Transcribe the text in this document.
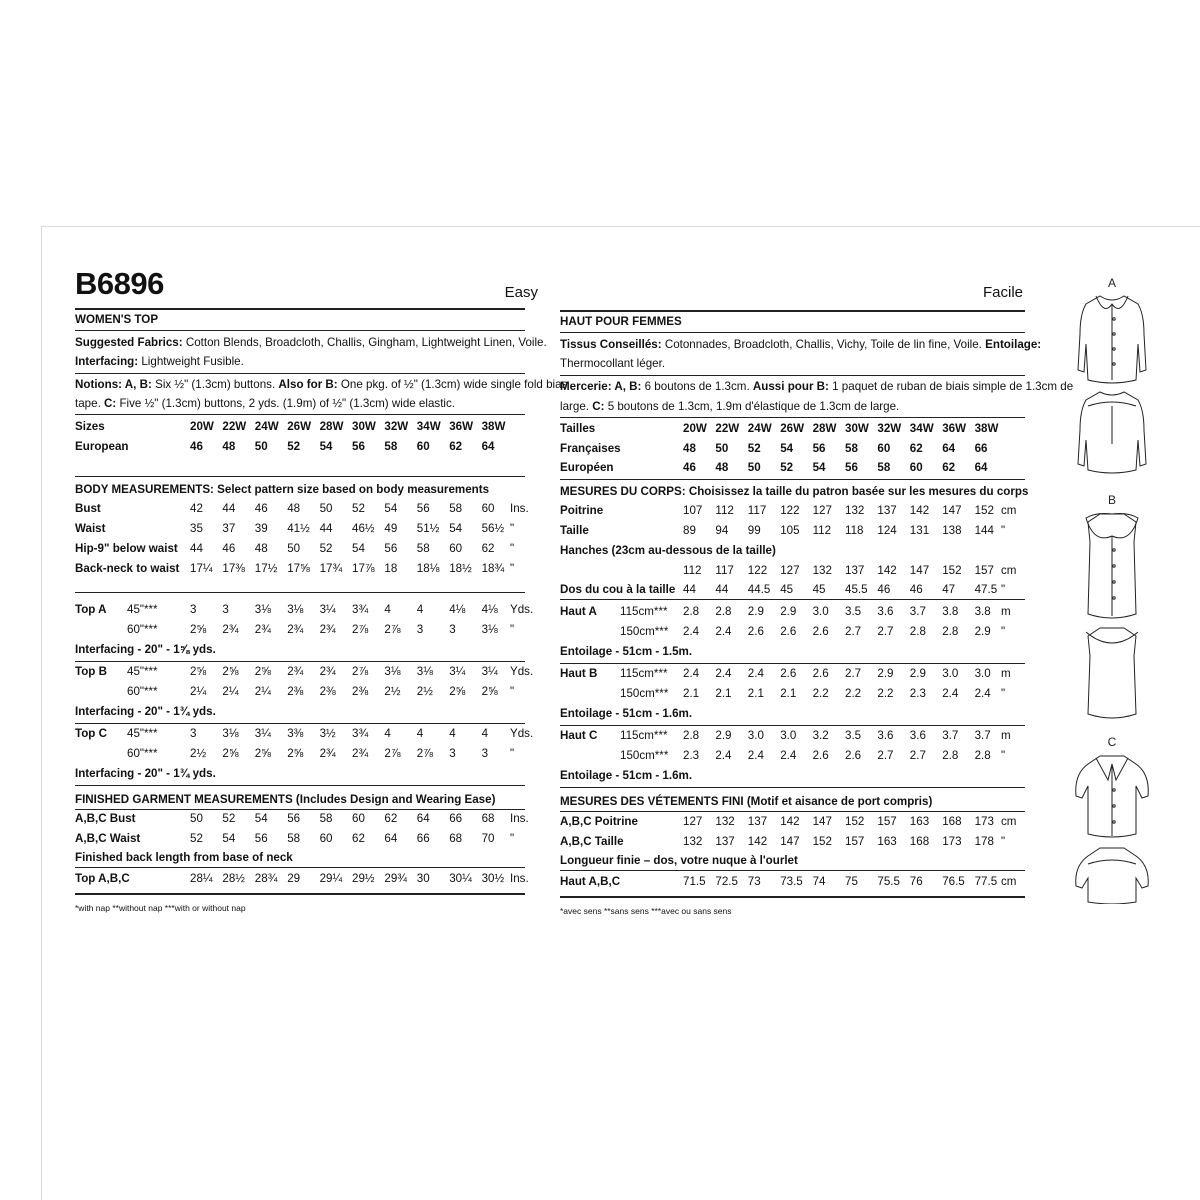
B6896	Easy	Facile
WOMEN'S TOP
Suggested Fabrics: Cotton Blends, Broadcloth, Challis, Gingham, Lightweight Linen, Voile.
Interfacing: Lightweight Fusible.
Notions: A, B: Six ½" (1.3cm) buttons. Also for B: One pkg. of ½" (1.3cm) wide single fold bias
tape. C: Five ½" (1.3cm) buttons, 2 yds. (1.9m) of ½" (1.3cm) wide elastic.
Sizes	20W 22W 24W 26W 28W 30W 32W 34W 36W 38W
European	46 48 50 52 54 56 58 60 62 64
BODY MEASUREMENTS: Select pattern size based on body measurements
Bust	42 44 46 48 50 52 54 56 58 60 Ins.
Waist	35 37 39 41½ 44 46½ 49 51½ 54 56½ "
Hip-9" below waist 44 46 48 50 52 54 56 58 60 62 "
Back-neck to waist 17¼ 17⅜ 17½ 17⅝ 17¾ 17⅞ 18 18⅛ 18½ 18¾ "
Top A 45"***	3 3 3⅛ 3⅛ 3¼ 3¾ 4 4 4⅛ 4⅛ Yds.
60"***	2⅝ 2¾ 2¾ 2¾ 2¾ 2⅞ 2⅞ 3 3 3⅛ "
Interfacing - 20" - 1⅝ yds.
Top B 45"***	2⅝ 2⅝ 2⅝ 2¾ 2¾ 2⅞ 3⅛ 3⅛ 3¼ 3¼ Yds.
60"***	2¼ 2¼ 2¼ 2⅜ 2⅜ 2⅜ 2½ 2½ 2⅝ 2⅝ "
Interfacing - 20" - 1¾ yds.
Top C 45"***	3 3⅛ 3¼ 3⅜ 3½ 3¾ 4 4 4 4 Yds.
60"***	2½ 2⅝ 2⅝ 2⅝ 2¾ 2¾ 2⅞ 2⅞ 3 3 "
Interfacing - 20" - 1¾ yds.
FINISHED GARMENT MEASUREMENTS (Includes Design and Wearing Ease)
A,B,C Bust	50 52 54 56 58 60 62 64 66 68 Ins.
A,B,C Waist	52 54 56 58 60 62 64 66 68 70 "
Finished back length from base of neck
Top A,B,C	28¼ 28½ 28¾ 29 29¼ 29½ 29¾ 30 30¼ 30½ Ins.
HAUT POUR FEMMES
Tissus Conseillés: Cotonnades, Broadcloth, Challis, Vichy, Toile de lin fine, Voile. Entoilage:
Thermocollant léger.
Mercerie: A, B: 6 boutons de 1.3cm. Aussi pour B: 1 paquet de ruban de biais simple de 1.3cm de
large. C: 5 boutons de 1.3cm, 1.9m d'élastique de 1.3cm de large.
Tailles	20W 22W 24W 26W 28W 30W 32W 34W 36W 38W
Françaises	48 50 52 54 56 58 60 62 64 66
Européen	46 48 50 52 54 56 58 60 62 64
MESURES DU CORPS: Choisissez la taille du patron basée sur les mesures du corps
Poitrine	107 112 117 122 127 132 137 142 147 152 cm
Taille	89 94 99 105 112 118 124 131 138 144 "
Hanches (23cm au-dessous de la taille)
112 117 122 127 132 137 142 147 152 157 cm
Dos du cou à la taille 44 44 44.5 45 45 45.5 46 46 47 47.5 "
Haut A 115cm*** 2.8 2.8 2.9 2.9 3.0 3.5 3.6 3.7 3.8 3.8 m
150cm*** 2.4 2.4 2.6 2.6 2.6 2.7 2.7 2.8 2.8 2.9 "
Entoilage - 51cm - 1.5m.
Haut B 115cm*** 2.4 2.4 2.4 2.6 2.6 2.7 2.9 2.9 3.0 3.0 m
150cm*** 2.1 2.1 2.1 2.1 2.2 2.2 2.2 2.3 2.4 2.4 "
Entoilage - 51cm - 1.6m.
Haut C 115cm*** 2.8 2.9 3.0 3.0 3.2 3.5 3.6 3.6 3.7 3.7 m
150cm*** 2.3 2.4 2.4 2.4 2.6 2.6 2.7 2.7 2.8 2.8 "
Entoilage - 51cm - 1.6m.
MESURES DES VÉTEMENTS FINI (Motif et aisance de port compris)
A,B,C Poitrine	127 132 137 142 147 152 157 163 168 173 cm
A,B,C Taille	132 137 142 147 152 157 163 168 173 178 "
Longueur finie – dos, votre nuque à l'ourlet
Haut A,B,C	71.5 72.5 73 73.5 74 75 75.5 76 76.5 77.5 cm
A
B
C
*with nap **without nap ***with or without nap	*avec sens **sans sens ***avec ou sans sens
